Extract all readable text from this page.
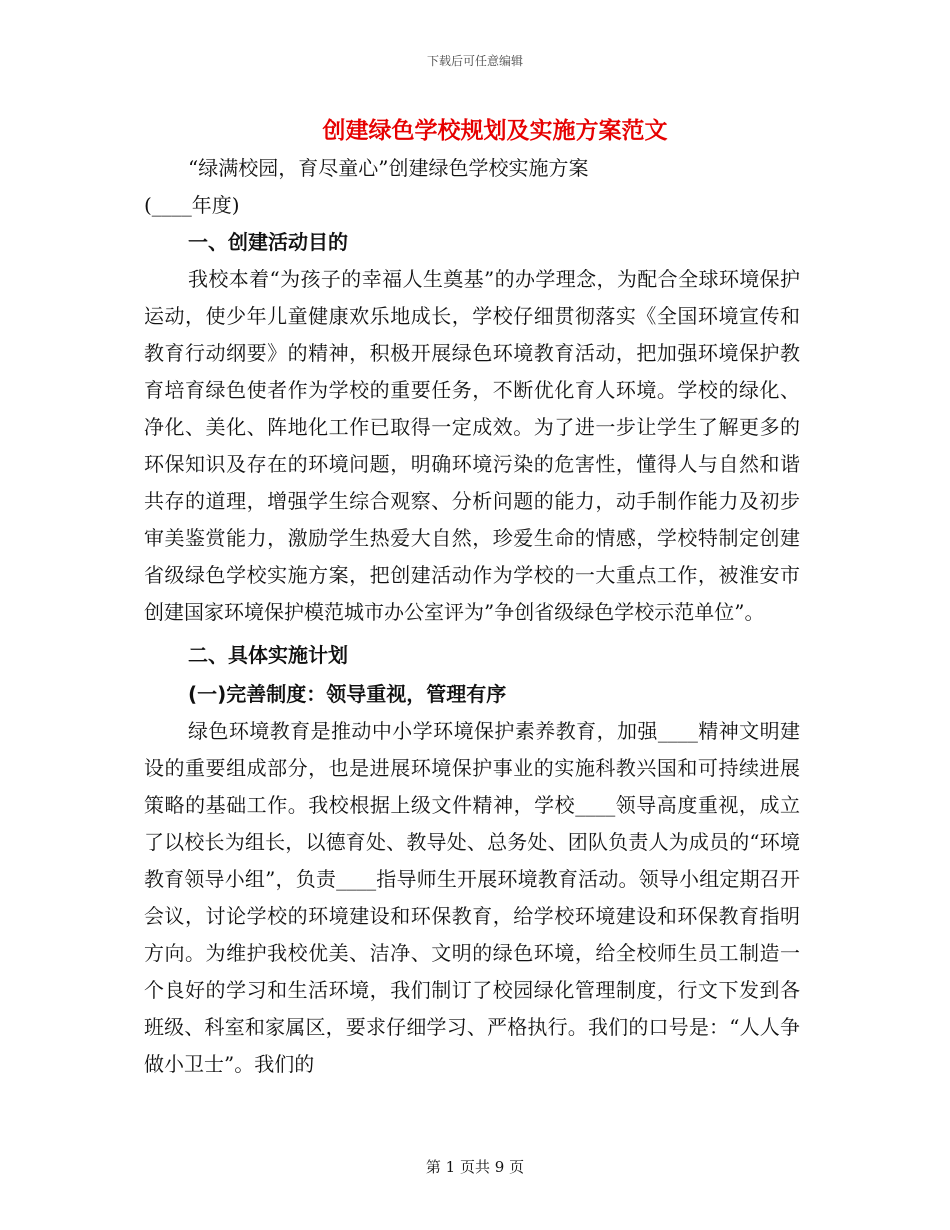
下载后可任意编辑
创建绿色学校规划及实施方案范文
“绿满校园，育尽童心”创建绿色学校实施方案
(____年度)
一、创建活动目的
我校本着“为孩子的幸福人生奠基”的办学理念，为配合全球环境保护运动，使少年儿童健康欢乐地成长，学校仔细贯彻落实《全国环境宣传和教育行动纲要》的精神，积极开展绿色环境教育活动，把加强环境保护教育培育绿色使者作为学校的重要任务，不断优化育人环境。学校的绿化、净化、美化、阵地化工作已取得一定成效。为了进一步让学生了解更多的环保知识及存在的环境问题，明确环境污染的危害性，懂得人与自然和谐共存的道理，增强学生综合观察、分析问题的能力，动手制作能力及初步审美鉴赏能力，激励学生热爱大自然，珍爱生命的情感，学校特制定创建省级绿色学校实施方案，把创建活动作为学校的一大重点工作，被淮安市创建国家环境保护模范城市办公室评为”争创省级绿色学校示范单位”。
二、具体实施计划
(一)完善制度：领导重视，管理有序
绿色环境教育是推动中小学环境保护素养教育，加强____精神文明建设的重要组成部分，也是进展环境保护事业的实施科教兴国和可持续进展策略的基础工作。我校根据上级文件精神，学校____领导高度重视，成立了以校长为组长，以德育处、教导处、总务处、团队负责人为成员的“环境教育领导小组”，负责____指导师生开展环境教育活动。领导小组定期召开会议，讨论学校的环境建设和环保教育，给学校环境建设和环保教育指明方向。为维护我校优美、洁净、文明的绿色环境，给全校师生员工制造一个良好的学习和生活环境，我们制订了校园绿化管理制度，行文下发到各班级、科室和家属区，要求仔细学习、严格执行。我们的口号是：“人人争做小卫士”。我们的
第 1 页共 9 页
